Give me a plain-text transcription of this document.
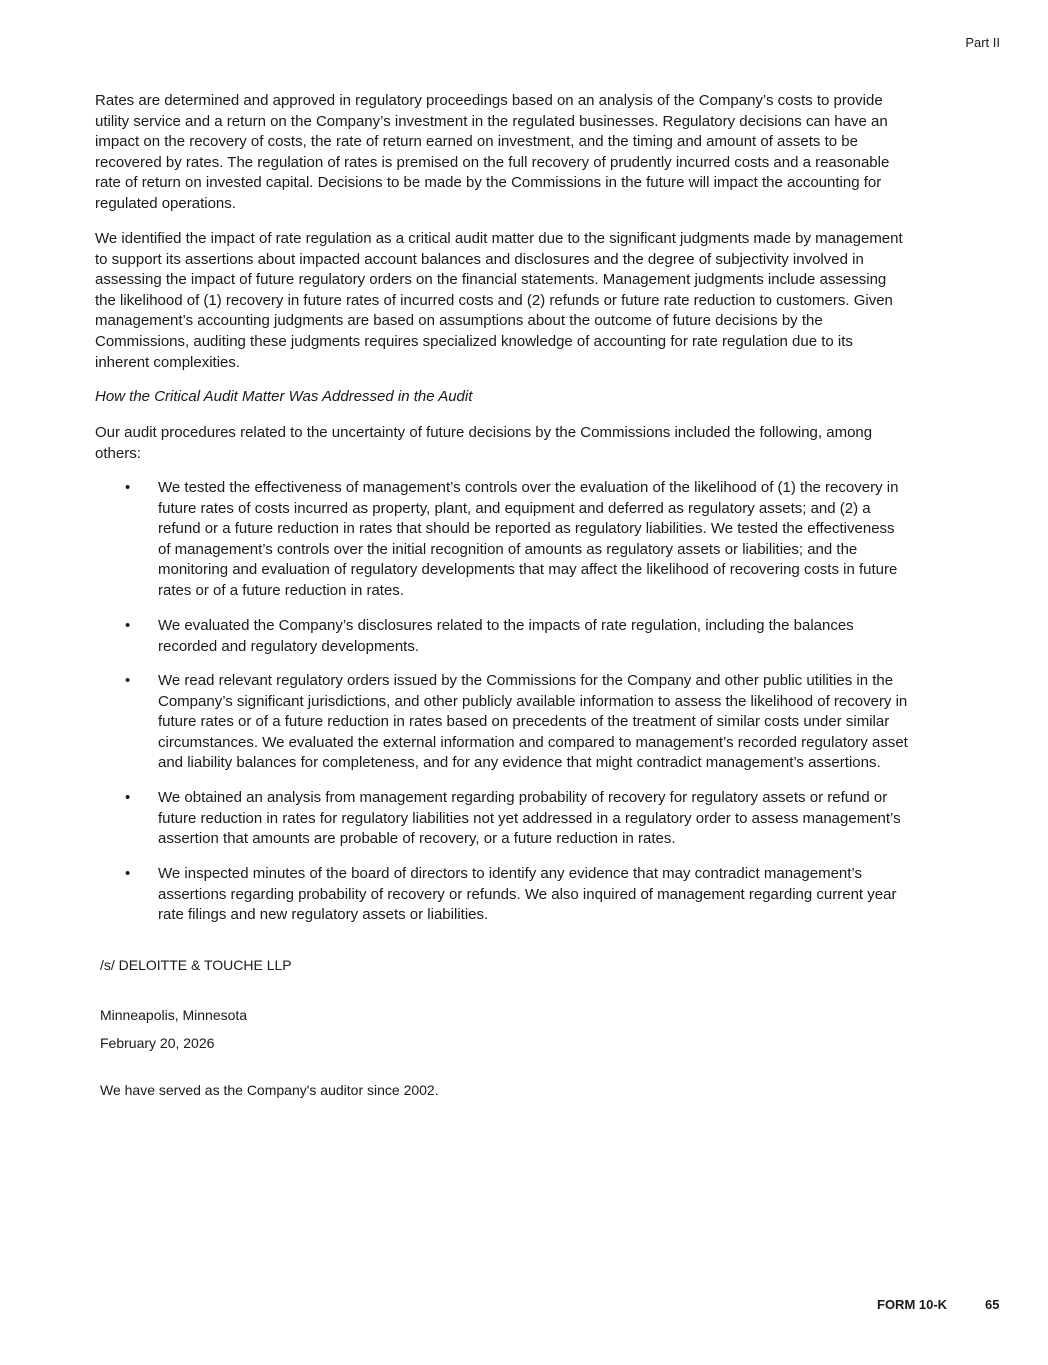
Part II
Rates are determined and approved in regulatory proceedings based on an analysis of the Company’s costs to provide
utility service and a return on the Company’s investment in the regulated businesses. Regulatory decisions can have an
impact on the recovery of costs, the rate of return earned on investment, and the timing and amount of assets to be
recovered by rates. The regulation of rates is premised on the full recovery of prudently incurred costs and a reasonable
rate of return on invested capital. Decisions to be made by the Commissions in the future will impact the accounting for
regulated operations.
We identified the impact of rate regulation as a critical audit matter due to the significant judgments made by management
to support its assertions about impacted account balances and disclosures and the degree of subjectivity involved in
assessing the impact of future regulatory orders on the financial statements. Management judgments include assessing
the likelihood of (1) recovery in future rates of incurred costs and (2) refunds or future rate reduction to customers. Given
management’s accounting judgments are based on assumptions about the outcome of future decisions by the
Commissions, auditing these judgments requires specialized knowledge of accounting for rate regulation due to its
inherent complexities.
How the Critical Audit Matter Was Addressed in the Audit
Our audit procedures related to the uncertainty of future decisions by the Commissions included the following, among
others:
• We tested the effectiveness of management’s controls over the evaluation of the likelihood of (1) the recovery in
future rates of costs incurred as property, plant, and equipment and deferred as regulatory assets; and (2) a
refund or a future reduction in rates that should be reported as regulatory liabilities. We tested the effectiveness
of management’s controls over the initial recognition of amounts as regulatory assets or liabilities; and the
monitoring and evaluation of regulatory developments that may affect the likelihood of recovering costs in future
rates or of a future reduction in rates.
• We evaluated the Company’s disclosures related to the impacts of rate regulation, including the balances
recorded and regulatory developments.
• We read relevant regulatory orders issued by the Commissions for the Company and other public utilities in the
Company’s significant jurisdictions, and other publicly available information to assess the likelihood of recovery in
future rates or of a future reduction in rates based on precedents of the treatment of similar costs under similar
circumstances. We evaluated the external information and compared to management’s recorded regulatory asset
and liability balances for completeness, and for any evidence that might contradict management’s assertions.
• We obtained an analysis from management regarding probability of recovery for regulatory assets or refund or
future reduction in rates for regulatory liabilities not yet addressed in a regulatory order to assess management’s
assertion that amounts are probable of recovery, or a future reduction in rates.
• We inspected minutes of the board of directors to identify any evidence that may contradict management’s
assertions regarding probability of recovery or refunds. We also inquired of management regarding current year
rate filings and new regulatory assets or liabilities.
/s/ DELOITTE & TOUCHE LLP
Minneapolis, Minnesota
February 20, 2026
We have served as the Company's auditor since 2002.
FORM 10-K	65
